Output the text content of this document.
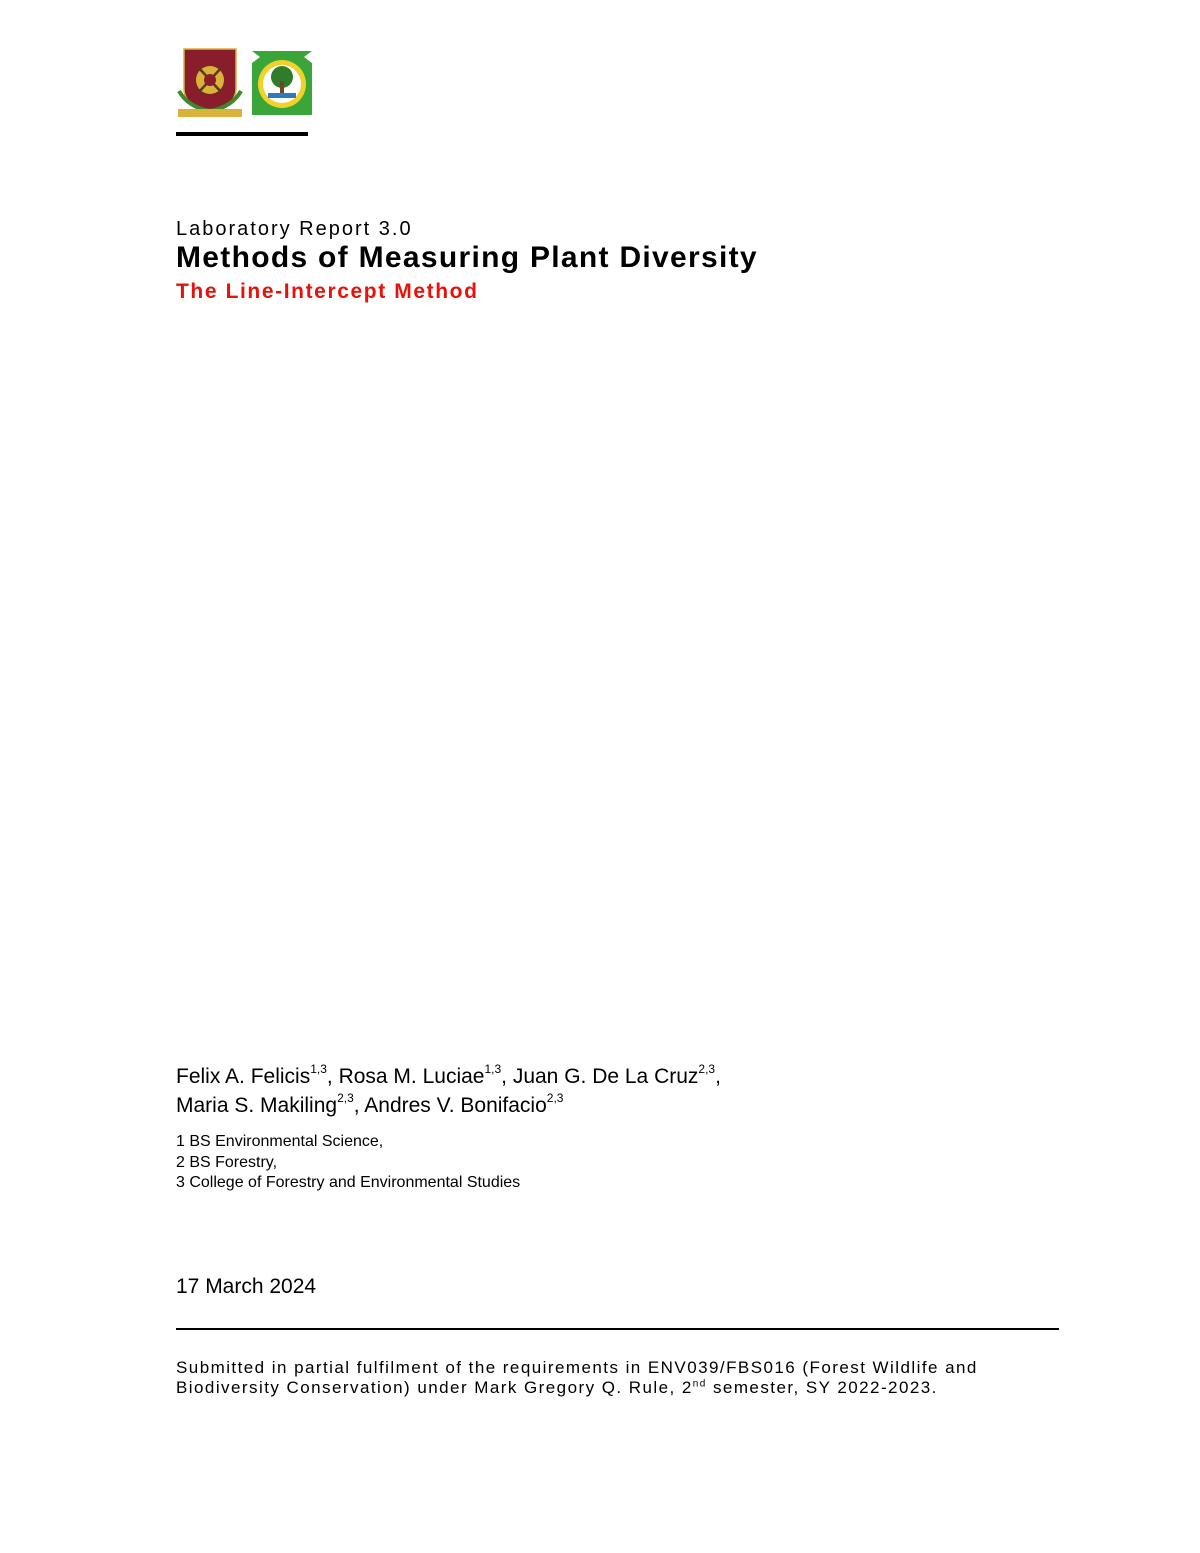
Laboratory Report 3.0
Methods of Measuring Plant Diversity
The Line-Intercept Method
Felix A. Felicis$^{1,3}$, Rosa M. Luciae$^{1,3}$, Juan G. De La Cruz$^{2,3}$,
Maria S. Makiling$^{2,3}$, Andres V. Bonifacio$^{2,3}$
1 BS Environmental Science,
2 BS Forestry,
3 College of Forestry and Environmental Studies
17 March 2024
Submitted in partial fulfilment of the requirements in ENV039/FBS016 (Forest Wildlife and Biodiversity Conservation) under Mark Gregory Q. Rule, 2nd semester, SY 2022-2023.
